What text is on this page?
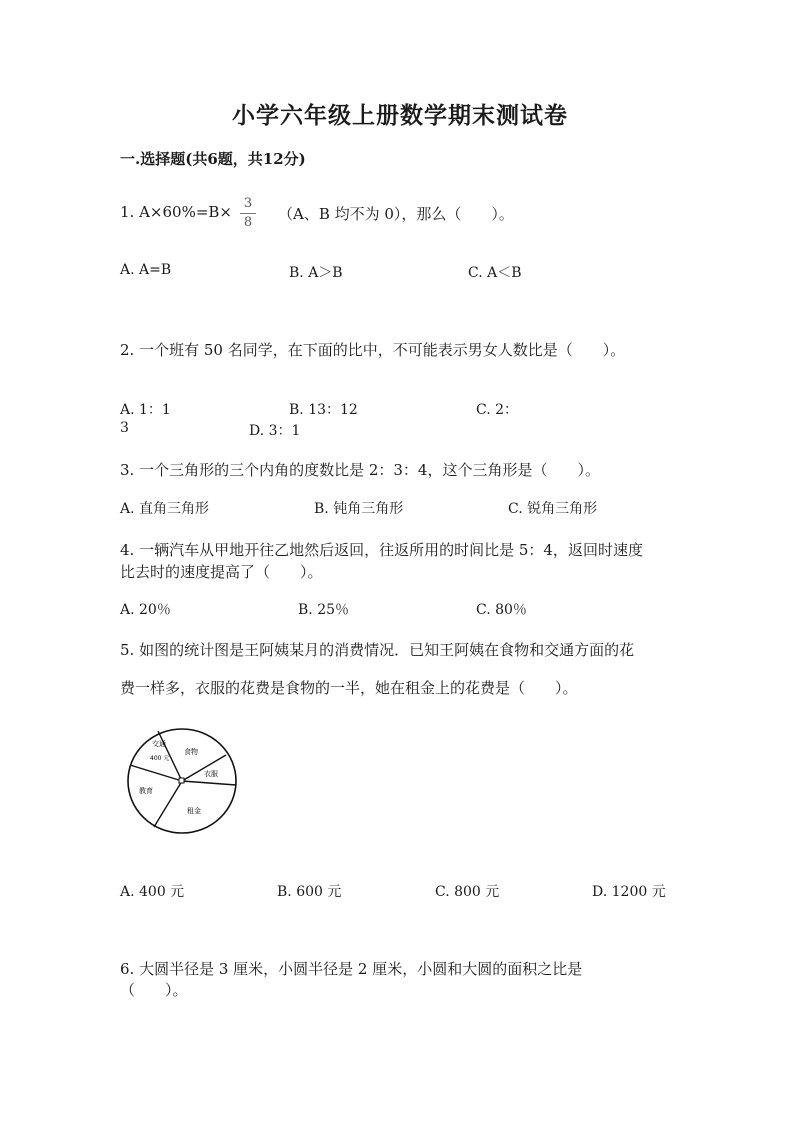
小学六年级上册数学期末测试卷
一.选择题(共6题，共12分)
1. A×60%=B× 3
8	（A、B 均不为 0），那么（　　）。
A. A=B	B. A＞B	C. A＜B
2. 一个班有 50 名同学，在下面的比中，不可能表示男女人数比是（　　）。
A. 1：1	B. 13：12	C. 2：
3	D. 3：1
3. 一个三角形的三个内角的度数比是 2：3：4，这个三角形是（　　）。
A. 直角三角形	B. 钝角三角形	C. 锐角三角形
4. 一辆汽车从甲地开往乙地然后返回，往返所用的时间比是 5：4，返回时速度
比去时的速度提高了（　　）。
A. 20％	B. 25％	C. 80％
5. 如图的统计图是王阿姨某月的消费情况．已知王阿姨在食物和交通方面的花
费一样多，衣服的花费是食物的一半，她在租金上的花费是（　　）。
交通
400 元
食物
衣服
租金
教育
A. 400 元	B. 600 元	C. 800 元	D. 1200 元
6. 大圆半径是 3 厘米，小圆半径是 2 厘米，小圆和大圆的面积之比是
（　　）。
